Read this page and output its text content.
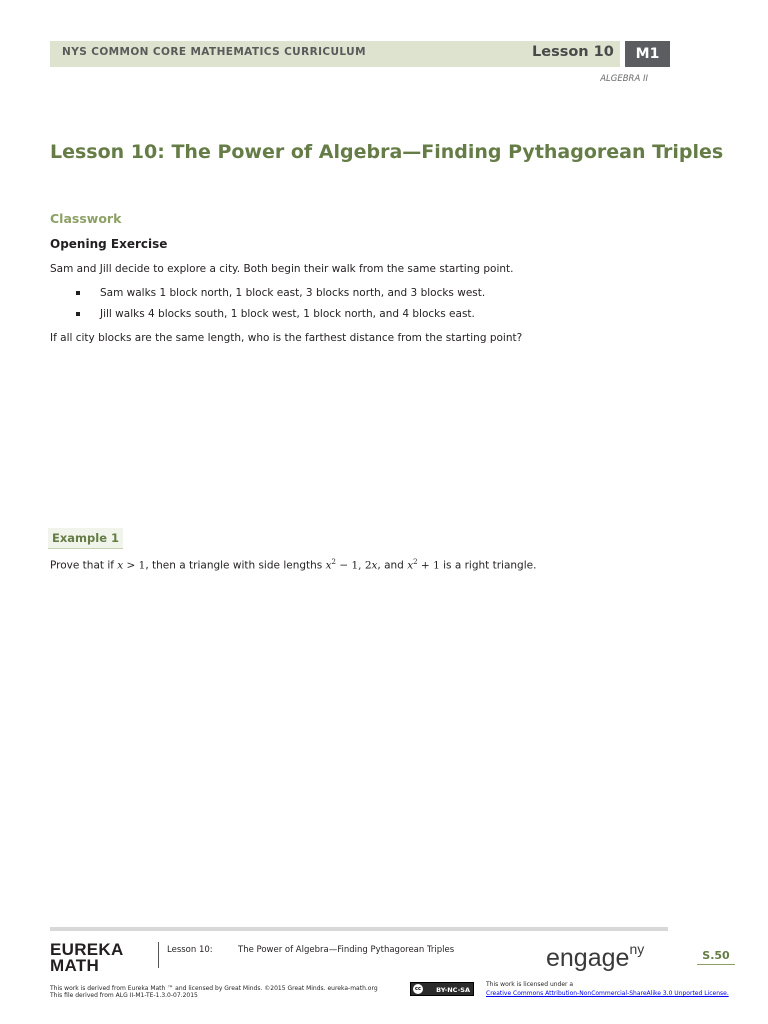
NYS COMMON CORE MATHEMATICS CURRICULUM	Lesson 10	M1
ALGEBRA II
Lesson 10: The Power of Algebra—Finding Pythagorean Triples
Classwork
Opening Exercise
Sam and Jill decide to explore a city. Both begin their walk from the same starting point.
Sam walks 1 block north, 1 block east, 3 blocks north, and 3 blocks west.
Jill walks 4 blocks south, 1 block west, 1 block north, and 4 blocks east.
If all city blocks are the same length, who is the farthest distance from the starting point?
Example 1
Prove that if x > 1, then a triangle with side lengths $x^2 - 1$, 2x, and $x^2 + 1$ is a right triangle.
EUREKA
MATH
Lesson 10:	The Power of Algebra—Finding Pythagorean Triples	engage$^{ny}$	S.50
This work is derived from Eureka Math ™ and licensed by Great Minds. ©2015 Great Minds. eureka-math.org
This file derived from ALG II-M1-TE-1.3.0-07.2015
BY-NC-SA
cc
This work is licensed under a
Creative Commons Attribution-NonCommercial-ShareAlike 3.0 Unported License.
